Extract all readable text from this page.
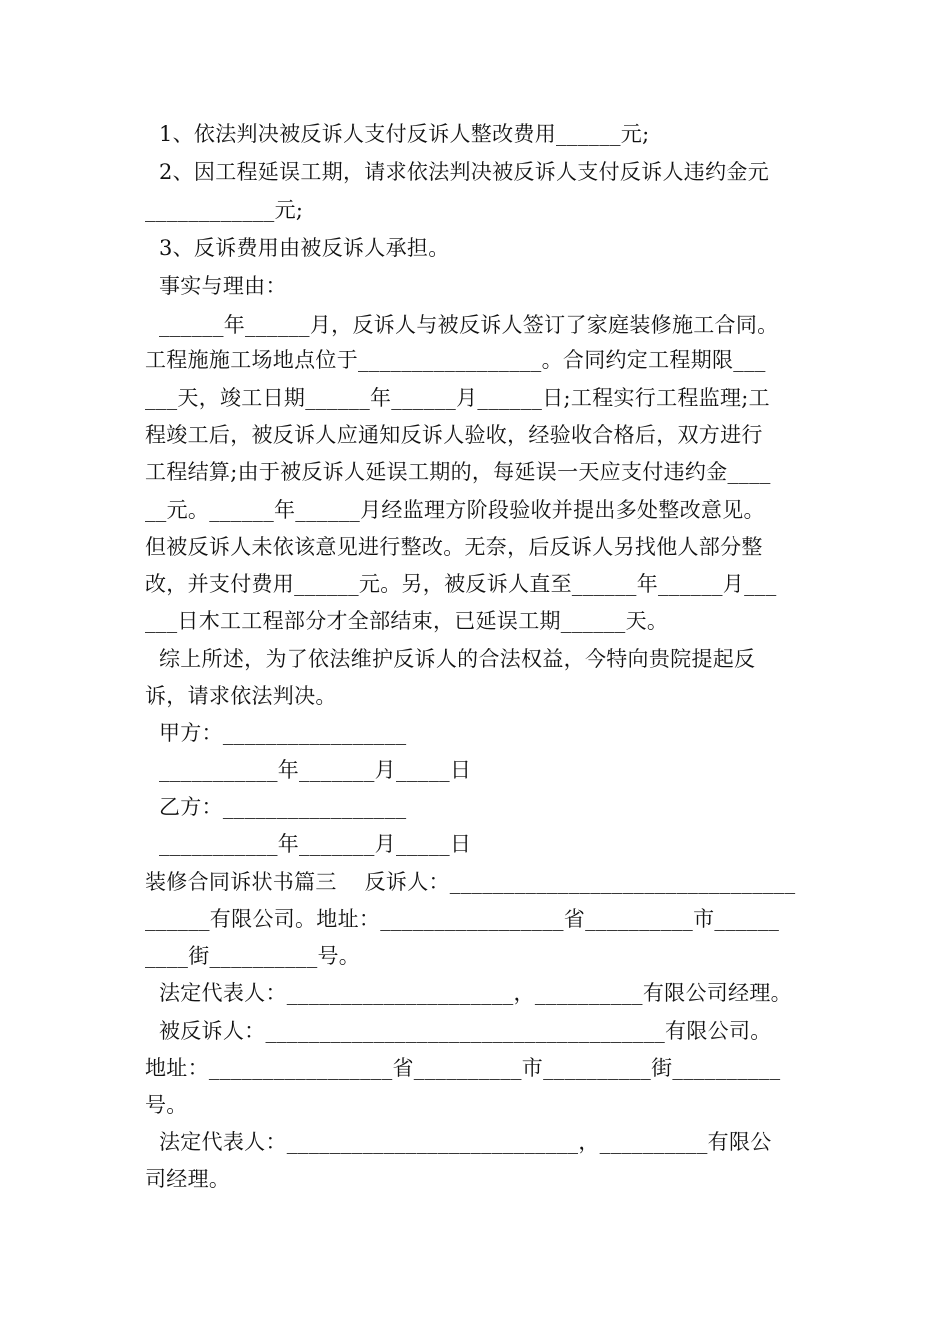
1、依法判决被反诉人支付反诉人整改费用______元;
2、因工程延误工期，请求依法判决被反诉人支付反诉人违约金元
____________元;
3、反诉费用由被反诉人承担。
事实与理由：
______年______月，反诉人与被反诉人签订了家庭装修施工合同。
工程施施工场地点位于_________________。合同约定工程期限___
___天，竣工日期______年______月______日;工程实行工程监理;工
程竣工后，被反诉人应通知反诉人验收，经验收合格后，双方进行
工程结算;由于被反诉人延误工期的，每延误一天应支付违约金____
__元。______年______月经监理方阶段验收并提出多处整改意见。
但被反诉人未依该意见进行整改。无奈，后反诉人另找他人部分整
改，并支付费用______元。另，被反诉人直至______年______月___
___日木工工程部分才全部结束，已延误工期______天。
综上所述，为了依法维护反诉人的合法权益，今特向贵院提起反
诉，请求依法判决。
甲方：_________________
___________年_______月_____日
乙方：_________________
___________年_______月_____日
装修合同诉状书篇三    反诉人：________________________________
______有限公司。地址：_________________省__________市______
____街__________号。
法定代表人：_____________________，__________有限公司经理。
被反诉人：_____________________________________有限公司。
地址：_________________省__________市__________街__________
号。
法定代表人：___________________________，__________有限公
司经理。
